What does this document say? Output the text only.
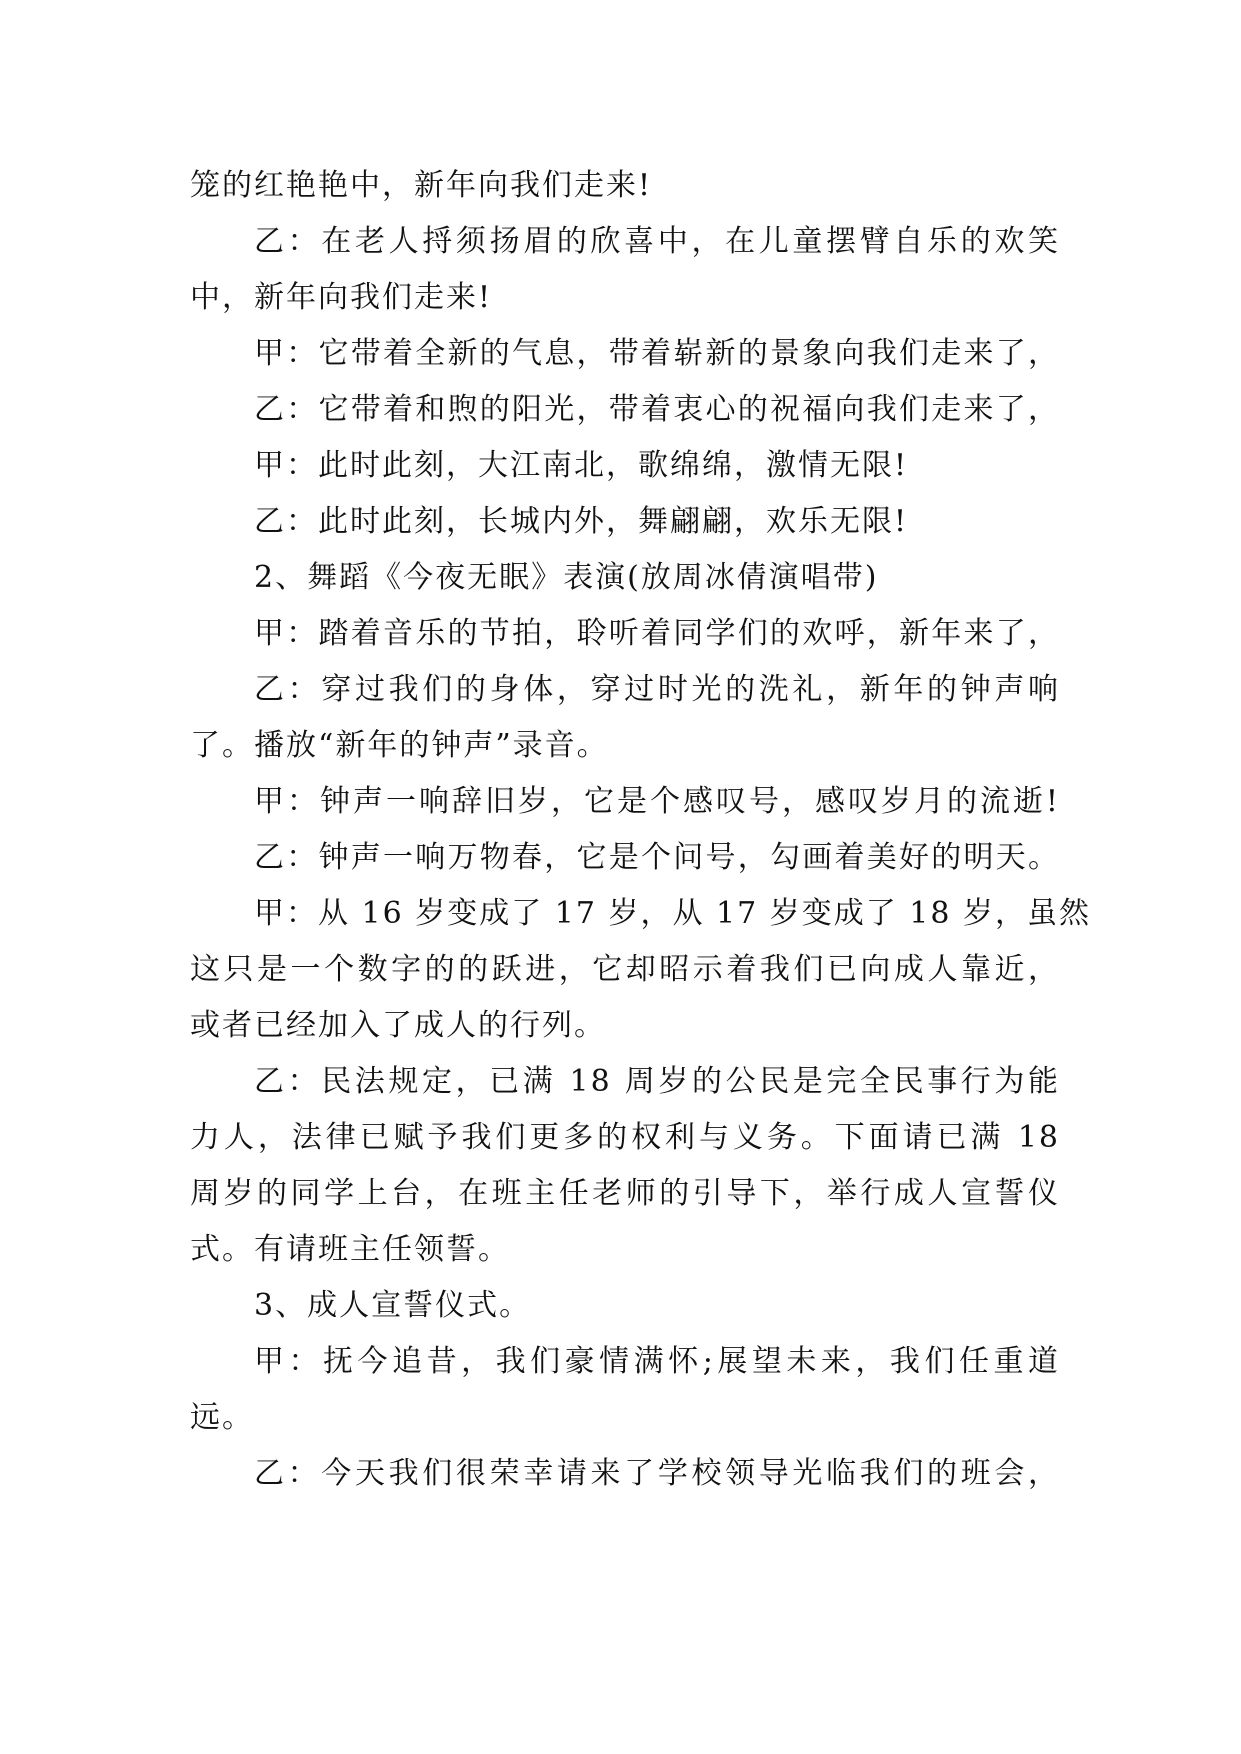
笼的红艳艳中，新年向我们走来!
乙：在老人捋须扬眉的欣喜中，在儿童摆臂自乐的欢笑
中，新年向我们走来!
甲：它带着全新的气息，带着崭新的景象向我们走来了，
乙：它带着和煦的阳光，带着衷心的祝福向我们走来了，
甲：此时此刻，大江南北，歌绵绵，激情无限!
乙：此时此刻，长城内外，舞翩翩，欢乐无限!
2、舞蹈《今夜无眠》表演(放周冰倩演唱带)
甲：踏着音乐的节拍，聆听着同学们的欢呼，新年来了，
乙：穿过我们的身体，穿过时光的洗礼，新年的钟声响
了。播放“新年的钟声”录音。
甲：钟声一响辞旧岁，它是个感叹号，感叹岁月的流逝!
乙：钟声一响万物春，它是个问号，勾画着美好的明天。
甲：从 16 岁变成了 17 岁，从 17 岁变成了 18 岁，虽然
这只是一个数字的的跃进，它却昭示着我们已向成人靠近，
或者已经加入了成人的行列。
乙：民法规定，已满 18 周岁的公民是完全民事行为能
力人，法律已赋予我们更多的权利与义务。下面请已满 18
周岁的同学上台，在班主任老师的引导下，举行成人宣誓仪
式。有请班主任领誓。
3、成人宣誓仪式。
甲：抚今追昔，我们豪情满怀;展望未来，我们任重道
远。
乙：今天我们很荣幸请来了学校领导光临我们的班会，
